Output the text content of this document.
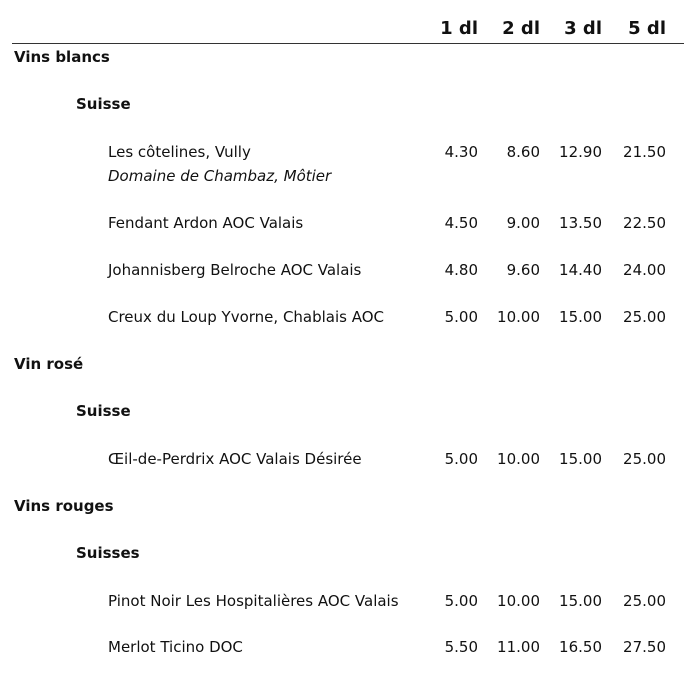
1 dl	2 dl	3 dl	5 dl
Vins blancs
Suisse
Les côtelines, Vully
Domaine de Chambaz, Môtier
4.30	8.60	12.90	21.50
Fendant Ardon AOC Valais	4.50	9.00	13.50	22.50
Johannisberg Belroche AOC Valais	4.80	9.60	14.40	24.00
Creux du Loup Yvorne, Chablais AOC	5.00	10.00	15.00	25.00
Vin rosé
Suisse
Œil-de-Perdrix AOC Valais Désirée	5.00	10.00	15.00	25.00
Vins rouges
Suisses
Pinot Noir Les Hospitalières AOC Valais	5.00	10.00	15.00	25.00
Merlot Ticino DOC	5.50	11.00	16.50	27.50
